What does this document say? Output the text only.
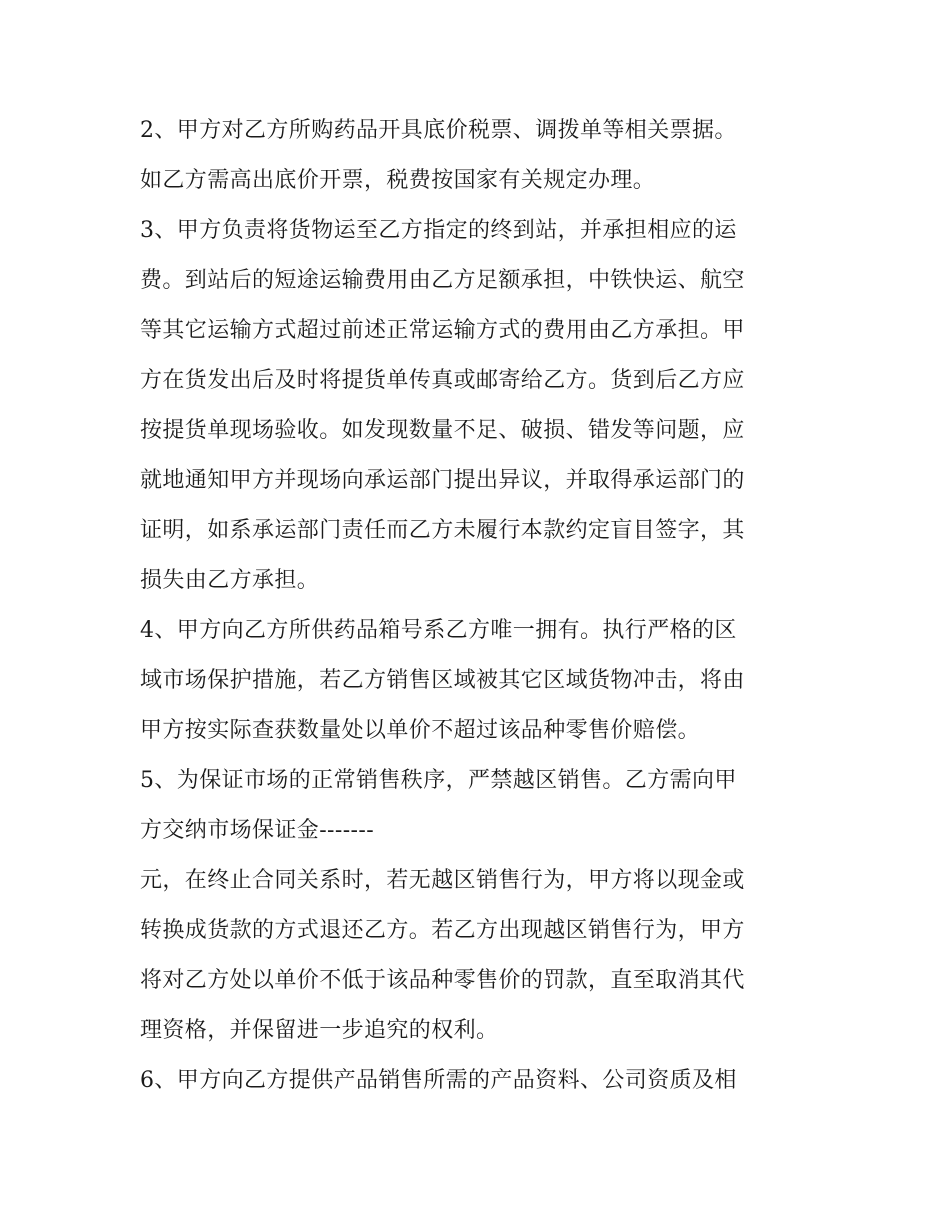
2、甲方对乙方所购药品开具底价税票、调拨单等相关票据。
如乙方需高出底价开票，税费按国家有关规定办理。
3、甲方负责将货物运至乙方指定的终到站，并承担相应的运
费。到站后的短途运输费用由乙方足额承担，中铁快运、航空
等其它运输方式超过前述正常运输方式的费用由乙方承担。甲
方在货发出后及时将提货单传真或邮寄给乙方。货到后乙方应
按提货单现场验收。如发现数量不足、破损、错发等问题，应
就地通知甲方并现场向承运部门提出异议，并取得承运部门的
证明，如系承运部门责任而乙方未履行本款约定盲目签字，其
损失由乙方承担。
4、甲方向乙方所供药品箱号系乙方唯一拥有。执行严格的区
域市场保护措施，若乙方销售区域被其它区域货物冲击，将由
甲方按实际查获数量处以单价不超过该品种零售价赔偿。
5、为保证市场的正常销售秩序，严禁越区销售。乙方需向甲
方交纳市场保证金-------
元，在终止合同关系时，若无越区销售行为，甲方将以现金或
转换成货款的方式退还乙方。若乙方出现越区销售行为，甲方
将对乙方处以单价不低于该品种零售价的罚款，直至取消其代
理资格，并保留进一步追究的权利。
6、甲方向乙方提供产品销售所需的产品资料、公司资质及相
